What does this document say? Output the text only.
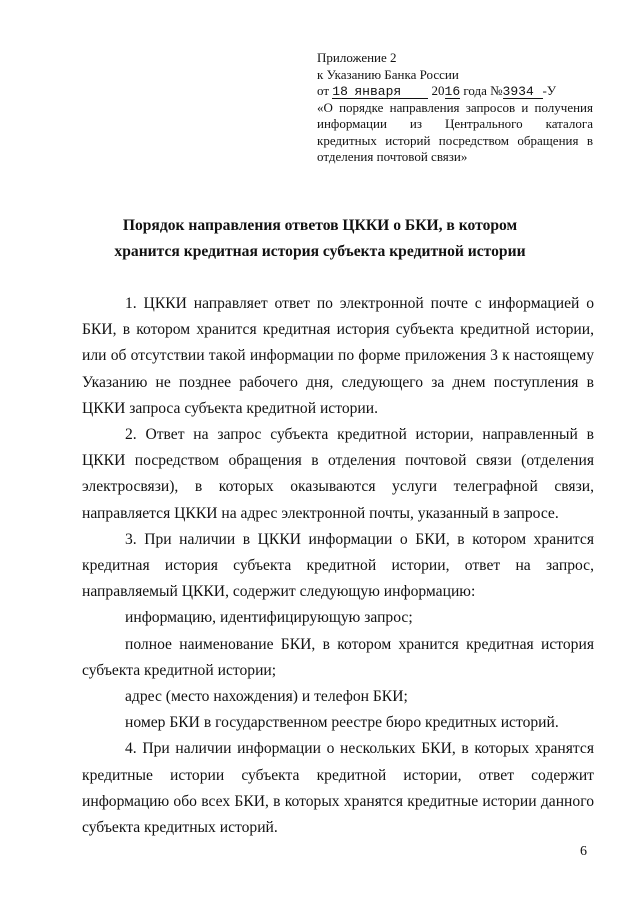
Приложение 2
к Указанию Банка России
от 18 января 2016 года №3934 -У
«О порядке направления запросов и получения
информации из Центрального каталога
кредитных историй посредством обращения в
отделения почтовой связи»
Порядок направления ответов ЦККИ о БКИ, в котором
хранится кредитная история субъекта кредитной истории

1. ЦККИ направляет ответ по электронной почте с информацией о БКИ, в котором хранится кредитная история субъекта кредитной истории, или об отсутствии такой информации по форме приложения 3 к настоящему Указанию не позднее рабочего дня, следующего за днем поступления в ЦККИ запроса субъекта кредитной истории.

2. Ответ на запрос субъекта кредитной истории, направленный в ЦККИ посредством обращения в отделения почтовой связи (отделения электросвязи), в которых оказываются услуги телеграфной связи, направляется ЦККИ на адрес электронной почты, указанный в запросе.

3. При наличии в ЦККИ информации о БКИ, в котором хранится кредитная история субъекта кредитной истории, ответ на запрос, направляемый ЦККИ, содержит следующую информацию:

информацию, идентифицирующую запрос;

полное наименование БКИ, в котором хранится кредитная история субъекта кредитной истории;

адрес (место нахождения) и телефон БКИ;

номер БКИ в государственном реестре бюро кредитных историй.

4. При наличии информации о нескольких БКИ, в которых хранятся кредитные истории субъекта кредитной истории, ответ содержит информацию обо всех БКИ, в которых хранятся кредитные истории данного субъекта кредитных историй.

6
